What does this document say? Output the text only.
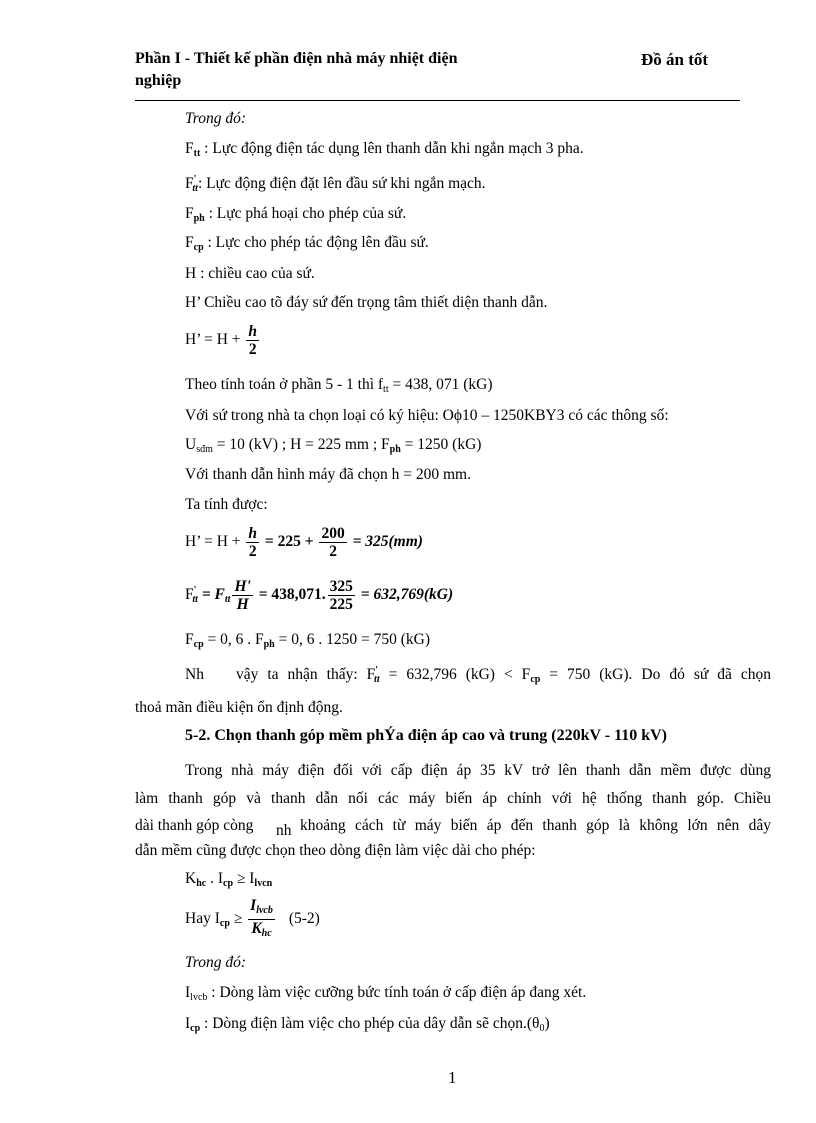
Phần I - Thiết kế phần điện nhà máy nhiệt điện
nghiệp
Đồ án tốt
Trong đó:
$F_{tt}$ : Lực động điện tác dụng lên thanh dẫn khi ngắn mạch 3 pha.
$F'_{tt}$: Lực động điện đặt lên đầu sứ khi ngắn mạch.
$F_{ph}$ : Lực phá hoại cho phép của sứ.
$F_{cp}$ : Lực cho phép tác động lên đầu sứ.
H : chiều cao của sứ.
H’ Chiều cao tõ đáy sứ đến trọng tâm thiết diện thanh dẫn.
H’ = $H + \frac{h}{2}$
Theo tính toán ở phần 5 - 1 thì $f_{tt} = 438$, 071 (kG)
Với sứ trong nhà ta chọn loại có ký hiệu: Oϕ10 – 1250KBY3 có các thông số:
$U_{sđm} = 10$ (kV) ; H = 225 mm ; $F_{ph} = 1250$ (kG)
Với thanh dẫn hình máy đã chọn h = 200 mm.
Ta tính được:
H’ = $H + \frac{h}{2} = 225 + \frac{200}{2} = 325(mm)$
$F'_{tt} = F_{tt} \frac{H'}{H} = 438,071$. $\frac{325}{225} = 632,769(kG)$
$F_{cp} = 0$, 6 . $F_{ph} = 0$, 6 . 1250 = 750 (kG)
Nh vậy ta nhận thấy: $F'_{tt} = 632,796$ $(kG) < F_{cp} = 750$ (kG). Do đó sứ đã chọn
thoả mãn điều kiện ổn định động.
5-2. Chọn thanh góp mềm phÝa điện áp cao và trung (220kV - 110 kV)
Trong nhà máy điện đối với cấp điện áp 35 kV trở lên thanh dẫn mềm được dùng
làm thanh góp và thanh dẫn nối các máy biến áp chính với hệ thống thanh góp. Chiều
dài thanh góp còng nh khoảng cách từ máy biến áp đến thanh góp là không lớn nên dây
dẫn mềm cũng được chọn theo dòng điện làm việc dài cho phép:
$K_{hc}$ . $I_{cp} \ge I_{lvcn}$
Hay $I_{cp} \ge \frac{I_{lvcb}}{K_{hc}} (5-2)$
Trong đó:
$I_{lvcb}$ : Dòng làm việc cưỡng bức tính toán ở cấp điện áp đang xét.
$I_{cp}$ : Dòng điện làm việc cho phép của dây dẫn sẽ $chọn.(\theta_0)$
1
